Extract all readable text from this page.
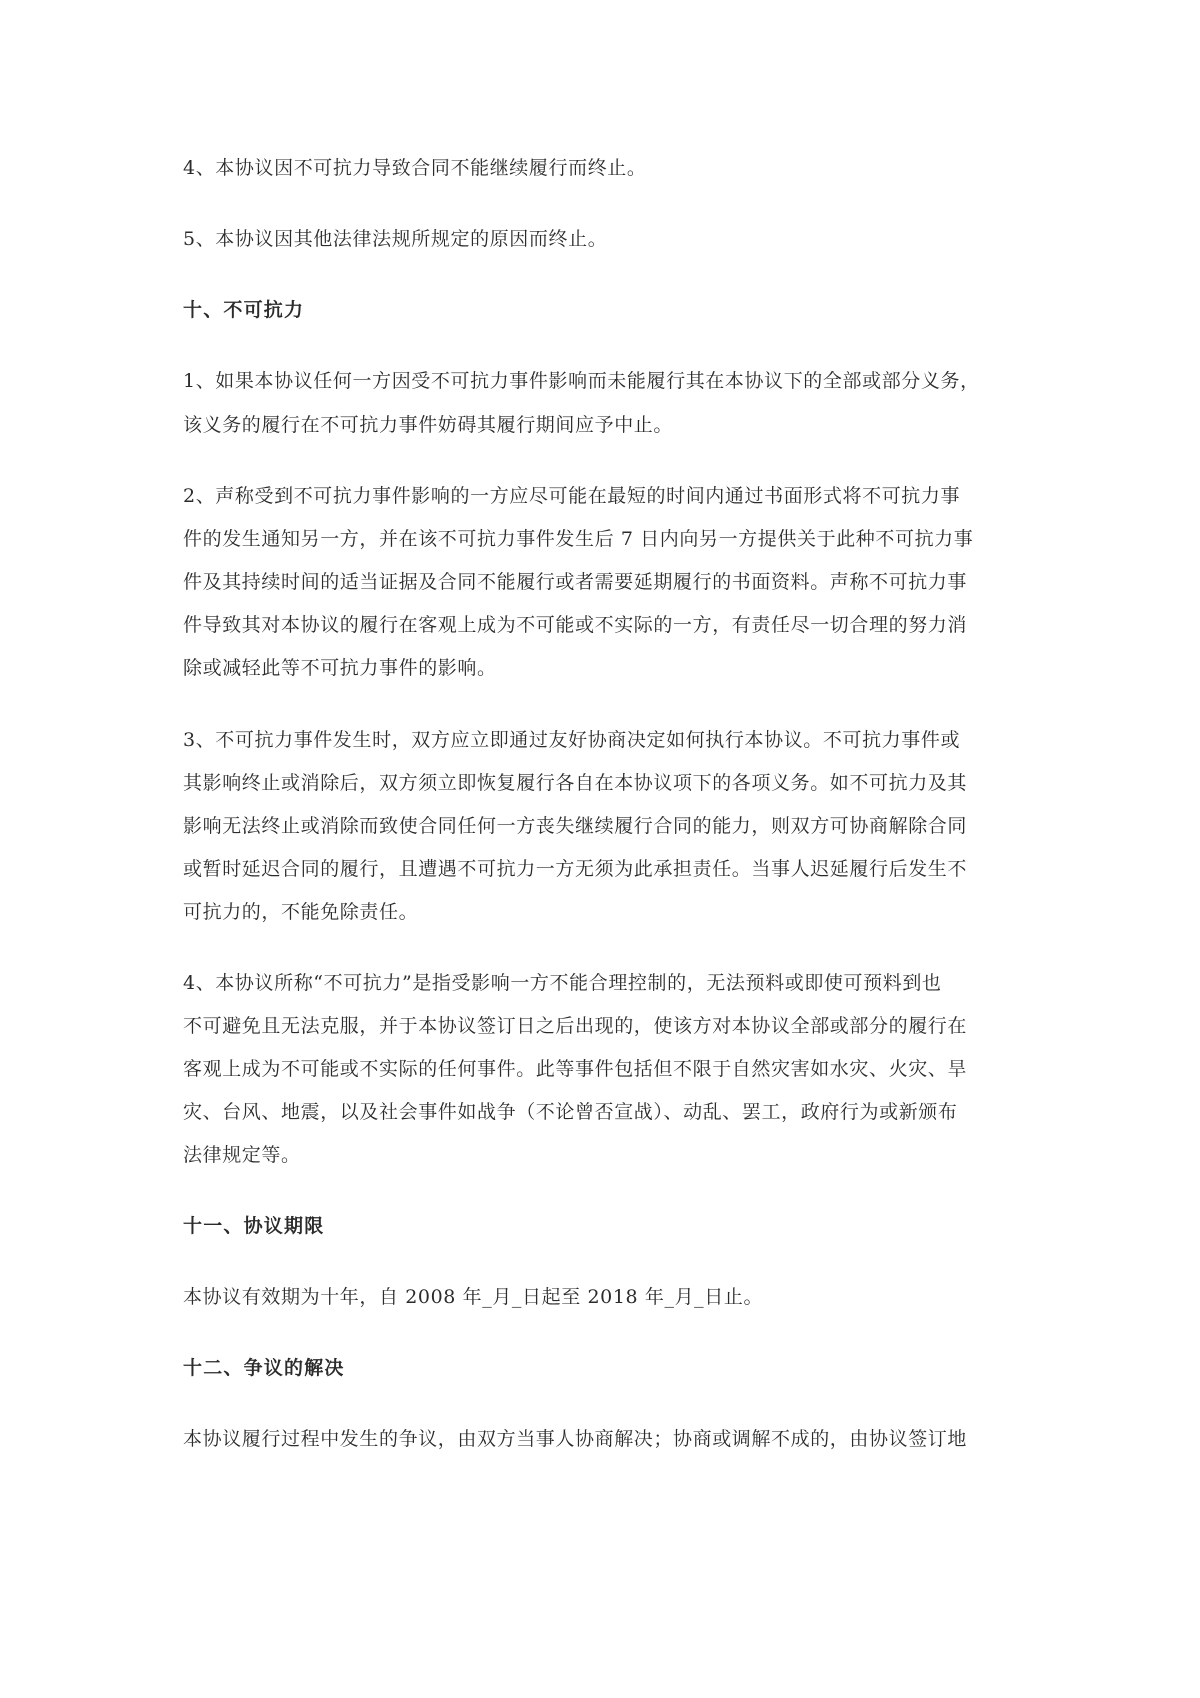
4、本协议因不可抗力导致合同不能继续履行而终止。
5、本协议因其他法律法规所规定的原因而终止。
十、不可抗力
1、如果本协议任何一方因受不可抗力事件影响而未能履行其在本协议下的全部或部分义务，
该义务的履行在不可抗力事件妨碍其履行期间应予中止。
2、声称受到不可抗力事件影响的一方应尽可能在最短的时间内通过书面形式将不可抗力事
件的发生通知另一方，并在该不可抗力事件发生后 7 日内向另一方提供关于此种不可抗力事
件及其持续时间的适当证据及合同不能履行或者需要延期履行的书面资料。声称不可抗力事
件导致其对本协议的履行在客观上成为不可能或不实际的一方，有责任尽一切合理的努力消
除或减轻此等不可抗力事件的影响。
3、不可抗力事件发生时，双方应立即通过友好协商决定如何执行本协议。不可抗力事件或
其影响终止或消除后，双方须立即恢复履行各自在本协议项下的各项义务。如不可抗力及其
影响无法终止或消除而致使合同任何一方丧失继续履行合同的能力，则双方可协商解除合同
或暂时延迟合同的履行，且遭遇不可抗力一方无须为此承担责任。当事人迟延履行后发生不
可抗力的，不能免除责任。
4、本协议所称“不可抗力”是指受影响一方不能合理控制的，无法预料或即使可预料到也
不可避免且无法克服，并于本协议签订日之后出现的，使该方对本协议全部或部分的履行在
客观上成为不可能或不实际的任何事件。此等事件包括但不限于自然灾害如水灾、火灾、旱
灾、台风、地震，以及社会事件如战争（不论曾否宣战）、动乱、罢工，政府行为或新颁布
法律规定等。
十一、协议期限
本协议有效期为十年，自 2008 年_月_日起至 2018 年_月_日止。
十二、争议的解决
本协议履行过程中发生的争议，由双方当事人协商解决；协商或调解不成的，由协议签订地
